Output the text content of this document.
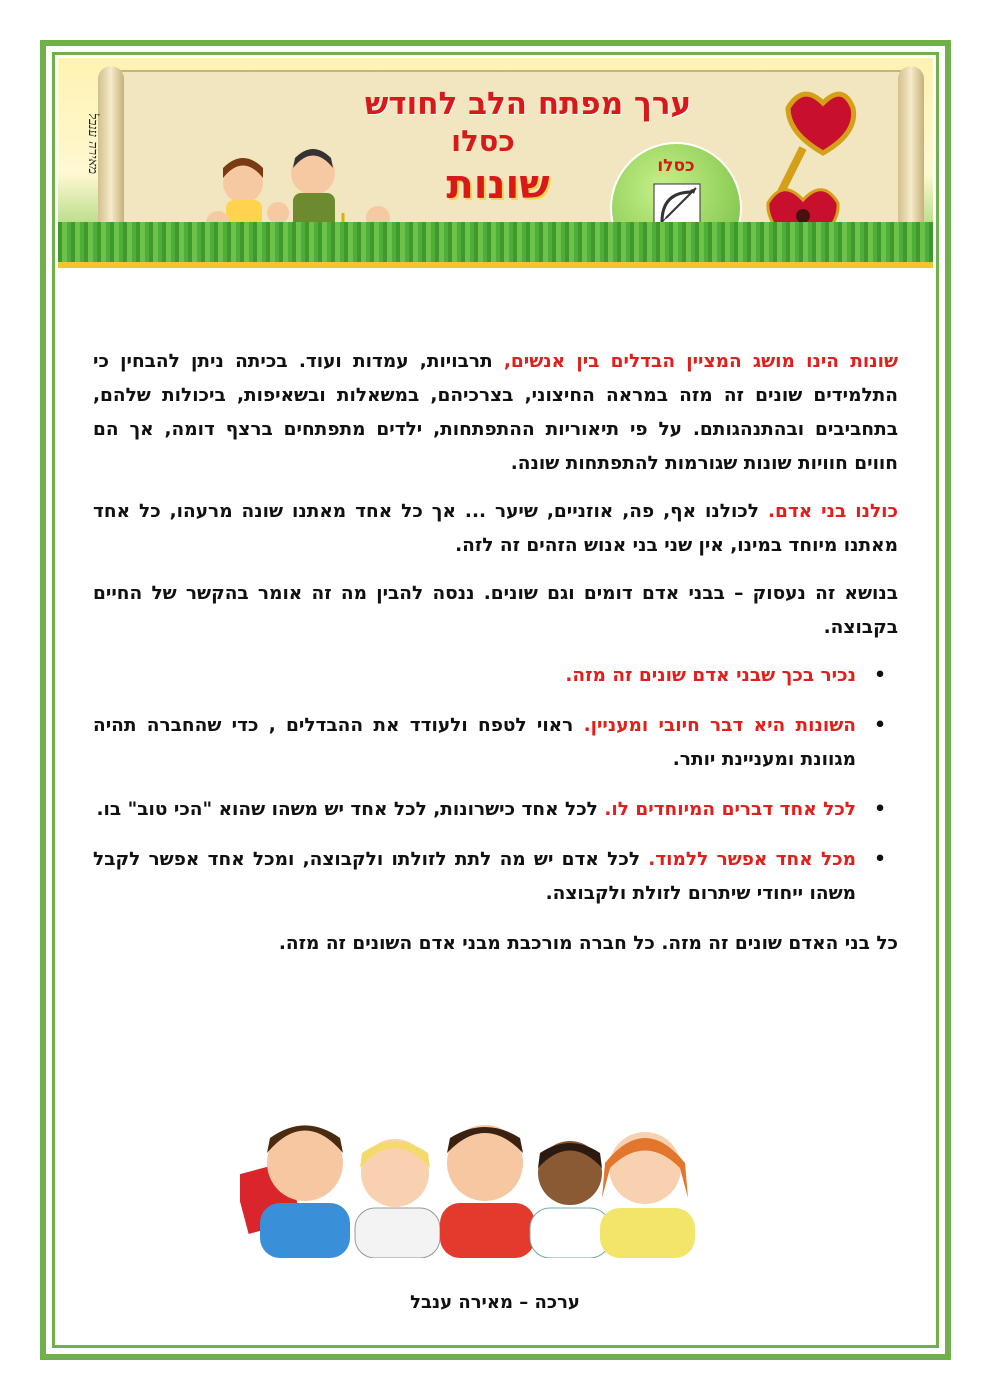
מאירה ענבל
ערך מפתח הלב לחודש
כסלו
שונות	כסלו

שונות הינו מושג המציין הבדלים בין אנשים, תרבויות, עמדות ועוד. בכיתה ניתן להבחין כי התלמידים שונים זה מזה במראה החיצוני, בצרכיהם, במשאלות ובשאיפות, ביכולות שלהם, בתחביבים ובהתנהגותם. על פי תיאוריות ההתפתחות, ילדים מתפתחים ברצף דומה, אך הם חווים חוויות שונות שגורמות להתפתחות שונה.

כולנו בני אדם. לכולנו אף, פה, אוזניים, שיער ... אך כל אחד מאתנו שונה מרעהו, כל אחד מאתנו מיוחד במינו, אין שני בני אנוש הזהים זה לזה.

בנושא זה נעסוק – בבני אדם דומים וגם שונים. ננסה להבין מה זה אומר בהקשר של החיים בקבוצה.

• נכיר בכך שבני אדם שונים זה מזה.
• השונות היא דבר חיובי ומעניין. ראוי לטפח ולעודד את ההבדלים , כדי שהחברה תהיה מגוונת ומעניינת יותר.
• לכל אחד דברים המיוחדים לו. לכל אחד כישרונות, לכל אחד יש משהו שהוא "הכי טוב" בו.
• מכל אחד אפשר ללמוד. לכל אדם יש מה לתת לזולתו ולקבוצה, ומכל אחד אפשר לקבל משהו ייחודי שיתרום לזולת ולקבוצה.

כל בני האדם שונים זה מזה. כל חברה מורכבת מבני אדם השונים זה מזה.

ערכה – מאירה ענבל
